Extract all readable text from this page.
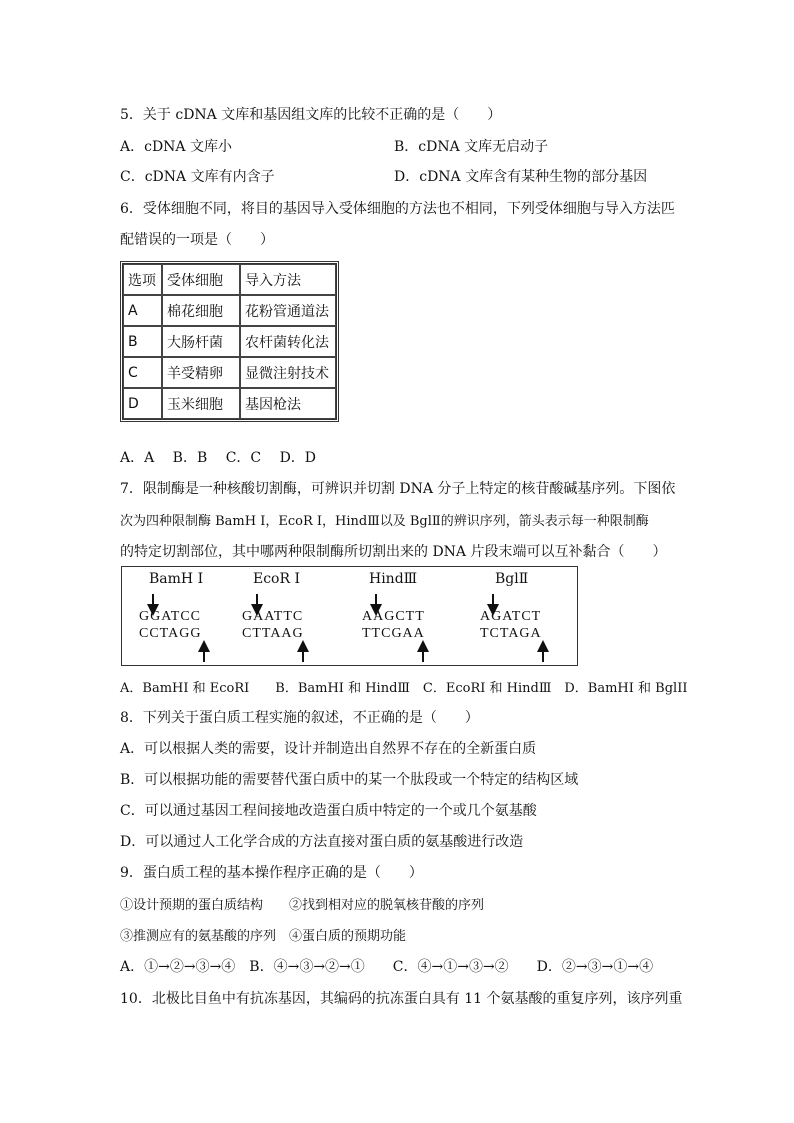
5．关于 cDNA 文库和基因组文库的比较不正确的是（　　）
A．cDNA 文库小	B．cDNA 文库无启动子
C．cDNA 文库有内含子	D．cDNA 文库含有某种生物的部分基因
6．受体细胞不同，将目的基因导入受体细胞的方法也不相同，下列受体细胞与导入方法匹
配错误的一项是（　　）
选项	受体细胞	导入方法
A	棉花细胞	花粉管通道法
B	大肠杆菌	农杆菌转化法
C	羊受精卵	显微注射技术
D	玉米细胞	基因枪法
A．A　 B．B　 C．C　 D．D
7．限制酶是一种核酸切割酶，可辨识并切割 DNA 分子上特定的核苷酸碱基序列。下图依
次为四种限制酶 BamH Ⅰ，EcoR Ⅰ，HindⅢ以及 BglⅡ的辨识序列，箭头表示每一种限制酶
的特定切割部位，其中哪两种限制酶所切割出来的 DNA 片段末端可以互补黏合（　　）
BamH Ⅰ	EcoR Ⅰ	HindⅢ	BglⅡ
GGATCC	GAATTC	AAGCTT	AGATCT
CCTAGG	CTTAAG	TTCGAA	TCTAGA
A．BamHI 和 EcoRI　　B．BamHI 和 HindⅢ　C．EcoRI 和 HindⅢ　D．BamHI 和 BglII
8．下列关于蛋白质工程实施的叙述，不正确的是（　　）
A．可以根据人类的需要，设计并制造出自然界不存在的全新蛋白质
B．可以根据功能的需要替代蛋白质中的某一个肽段或一个特定的结构区域
C．可以通过基因工程间接地改造蛋白质中特定的一个或几个氨基酸
D．可以通过人工化学合成的方法直接对蛋白质的氨基酸进行改造
9．蛋白质工程的基本操作程序正确的是（　　）
①设计预期的蛋白质结构　　②找到相对应的脱氧核苷酸的序列
③推测应有的氨基酸的序列　④蛋白质的预期功能
A．①→②→③→④　B．④→③→②→①　　C．④→①→③→②　　D．②→③→①→④
10．北极比目鱼中有抗冻基因，其编码的抗冻蛋白具有 11 个氨基酸的重复序列，该序列重
